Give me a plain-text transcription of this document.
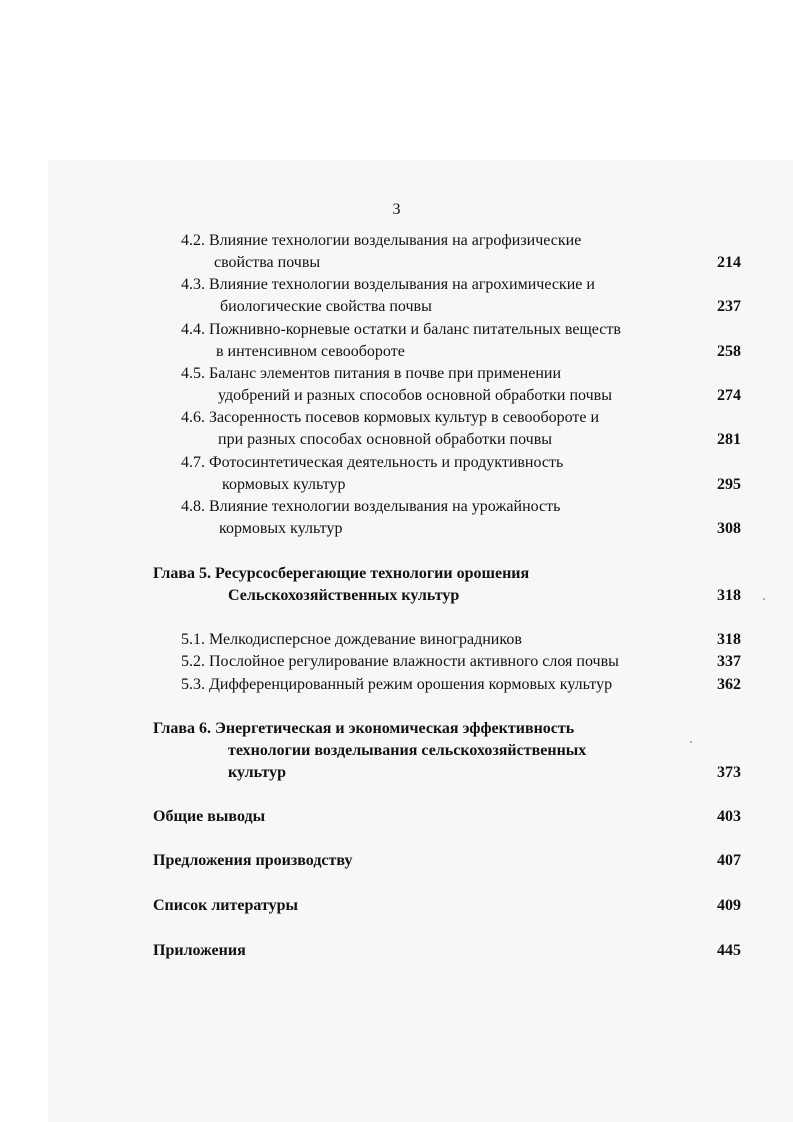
3
4.2. Влияние технологии возделывания на агрофизические
свойства почвы	214
4.3. Влияние технологии возделывания на агрохимические и
биологические свойства почвы	237
4.4. Пожнивно-корневые остатки и баланс питательных веществ
в интенсивном севообороте	258
4.5. Баланс элементов питания в почве при применении
удобрений и разных способов основной обработки почвы	274
4.6. Засоренность посевов кормовых культур в севообороте и
при разных способах основной обработки почвы	281
4.7. Фотосинтетическая деятельность и продуктивность
кормовых культур	295
4.8. Влияние технологии возделывания на урожайность
кормовых культур	308
Глава 5. Ресурсосберегающие технологии орошения
Сельскохозяйственных культур	318
5.1. Мелкодисперсное дождевание виноградников	318
5.2. Послойное регулирование влажности активного слоя почвы	337
5.3. Дифференцированный режим орошения кормовых культур	362
Глава 6. Энергетическая и экономическая эффективность
технологии возделывания сельскохозяйственных
культур	373
Общие выводы	403
Предложения производству	407
Список литературы	409
Приложения	445
